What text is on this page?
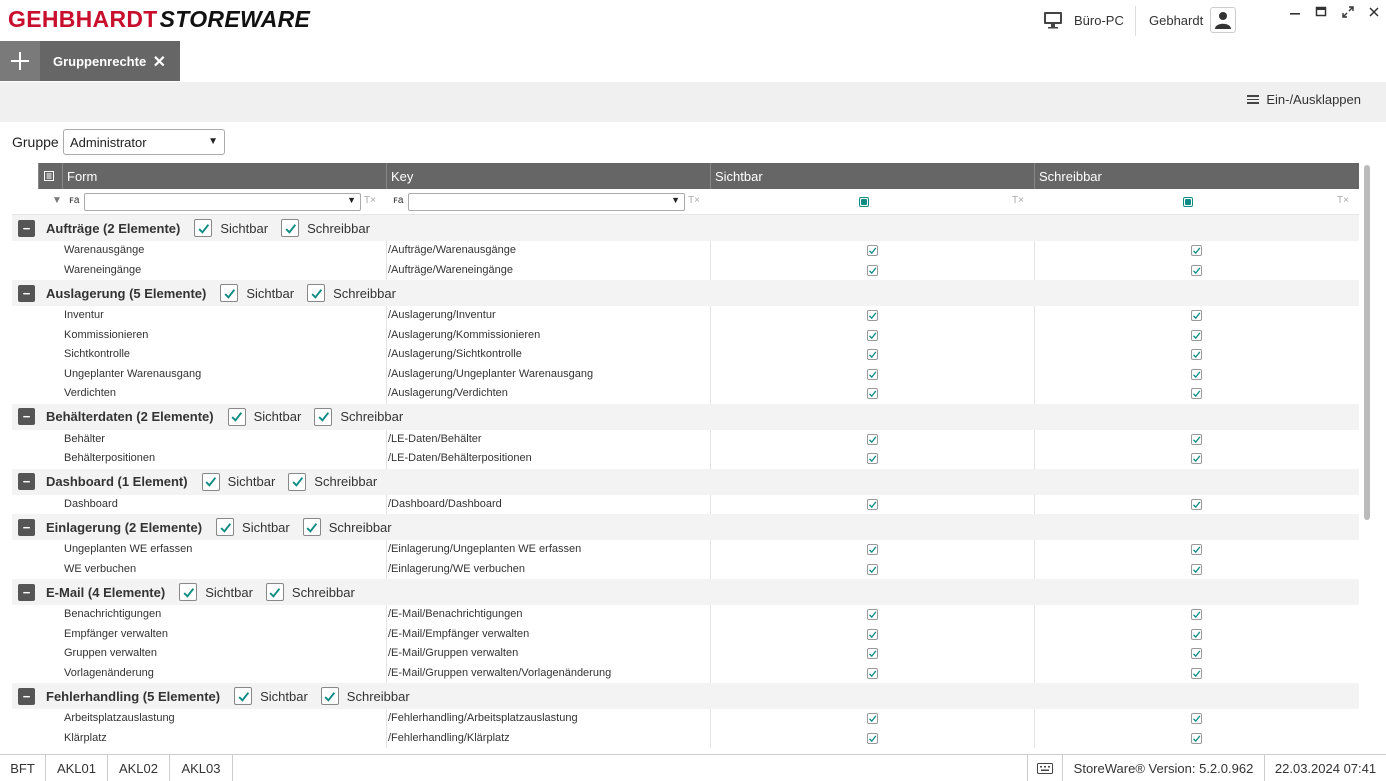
GEHBHARDTSTOREWARE	Büro-PC Gebhardt
Gruppenrechte ✕
Ein-/Ausklappen
Gruppe Administrator	▼
Form	Key	Sichtbar	Schreibbar
▼ ꜰa	▼ T× ꜰa	▼ T×	T×	T×
−	Aufträge (2 Elemente)	Sichtbar	Schreibbar
Warenausgänge	/Aufträge/Warenausgänge
Wareneingänge	/Aufträge/Wareneingänge
−	Auslagerung (5 Elemente)	Sichtbar	Schreibbar
Inventur	/Auslagerung/Inventur
Kommissionieren	/Auslagerung/Kommissionieren
Sichtkontrolle	/Auslagerung/Sichtkontrolle
Ungeplanter Warenausgang	/Auslagerung/Ungeplanter Warenausgang
Verdichten	/Auslagerung/Verdichten
−	Behälterdaten (2 Elemente)	Sichtbar	Schreibbar
Behälter	/LE-Daten/Behälter
Behälterpositionen	/LE-Daten/Behälterpositionen
−	Dashboard (1 Element)	Sichtbar	Schreibbar
Dashboard	/Dashboard/Dashboard
−	Einlagerung (2 Elemente)	Sichtbar	Schreibbar
Ungeplanten WE erfassen	/Einlagerung/Ungeplanten WE erfassen
WE verbuchen	/Einlagerung/WE verbuchen
−	E-Mail (4 Elemente)	Sichtbar	Schreibbar
Benachrichtigungen	/E-Mail/Benachrichtigungen
Empfänger verwalten	/E-Mail/Empfänger verwalten
Gruppen verwalten	/E-Mail/Gruppen verwalten
Vorlagenänderung	/E-Mail/Gruppen verwalten/Vorlagenänderung
−	Fehlerhandling (5 Elemente)	Sichtbar	Schreibbar
Arbeitsplatzauslastung	/Fehlerhandling/Arbeitsplatzauslastung
Klärplatz	/Fehlerhandling/Klärplatz
BFT	AKL01	AKL02	AKL03	StoreWare® Version: 5.2.0.962	22.03.2024 07:41
